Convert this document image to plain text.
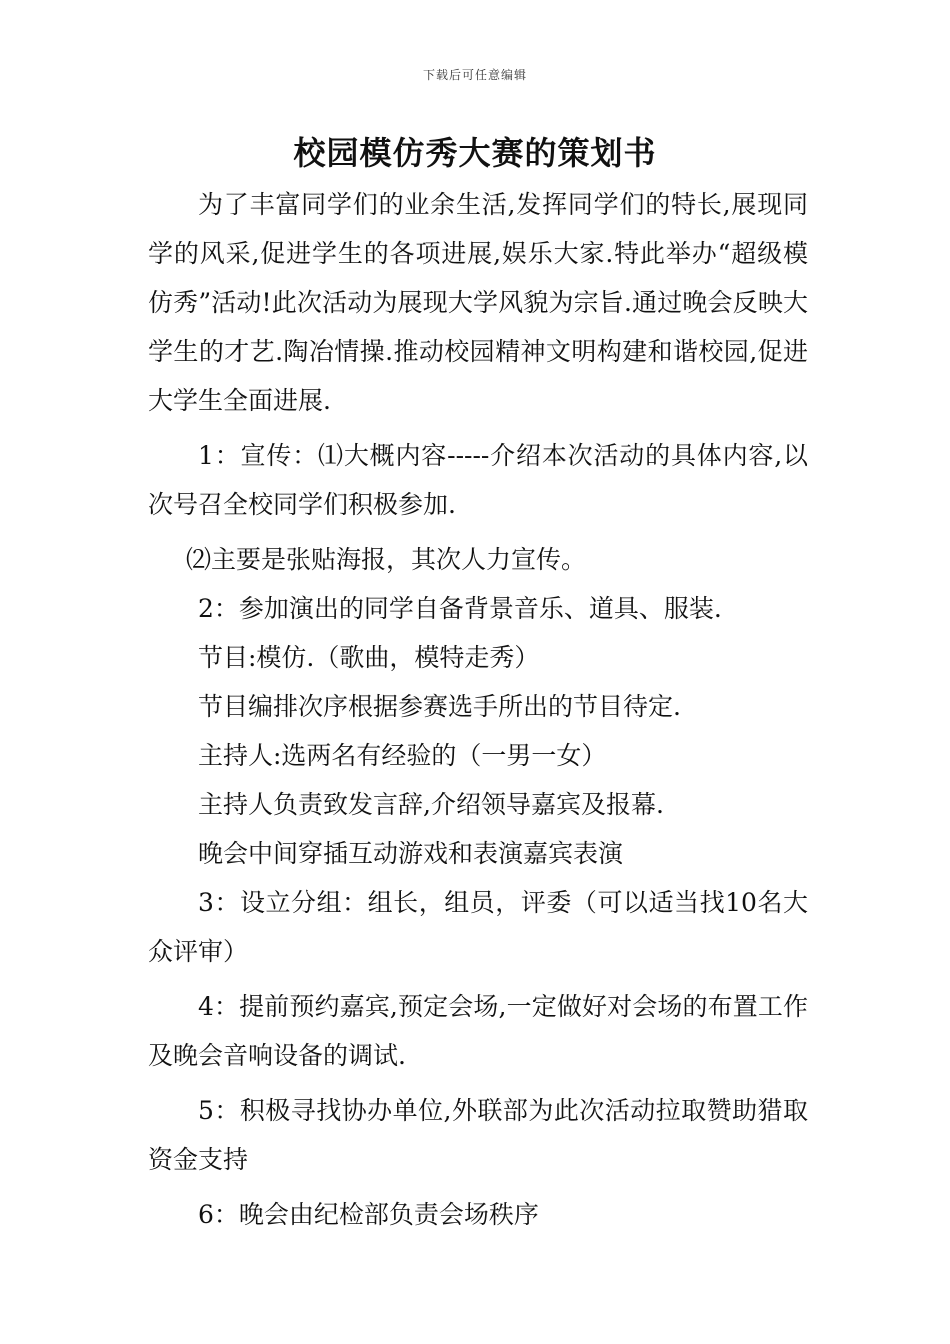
下载后可任意编辑
校园模仿秀大赛的策划书

为了丰富同学们的业余生活,发挥同学们的特长,展现同学的风采,促进学生的各项进展,娱乐大家.特此举办“超级模仿秀”活动!此次活动为展现大学风貌为宗旨.通过晚会反映大学生的才艺.陶冶情操.推动校园精神文明构建和谐校园,促进大学生全面进展.

1：宣传：⑴大概内容-----介绍本次活动的具体内容,以次号召全校同学们积极参加.

⑵主要是张贴海报，其次人力宣传。

2：参加演出的同学自备背景音乐、道具、服装.

节目:模仿.（歌曲，模特走秀）

节目编排次序根据参赛选手所出的节目待定.

主持人:选两名有经验的（一男一女）

主持人负责致发言辞,介绍领导嘉宾及报幕.

晚会中间穿插互动游戏和表演嘉宾表演

3：设立分组：组长，组员，评委（可以适当找10名大众评审）

4：提前预约嘉宾,预定会场,一定做好对会场的布置工作及晚会音响设备的调试.

5：积极寻找协办单位,外联部为此次活动拉取赞助猎取资金支持

6：晚会由纪检部负责会场秩序
